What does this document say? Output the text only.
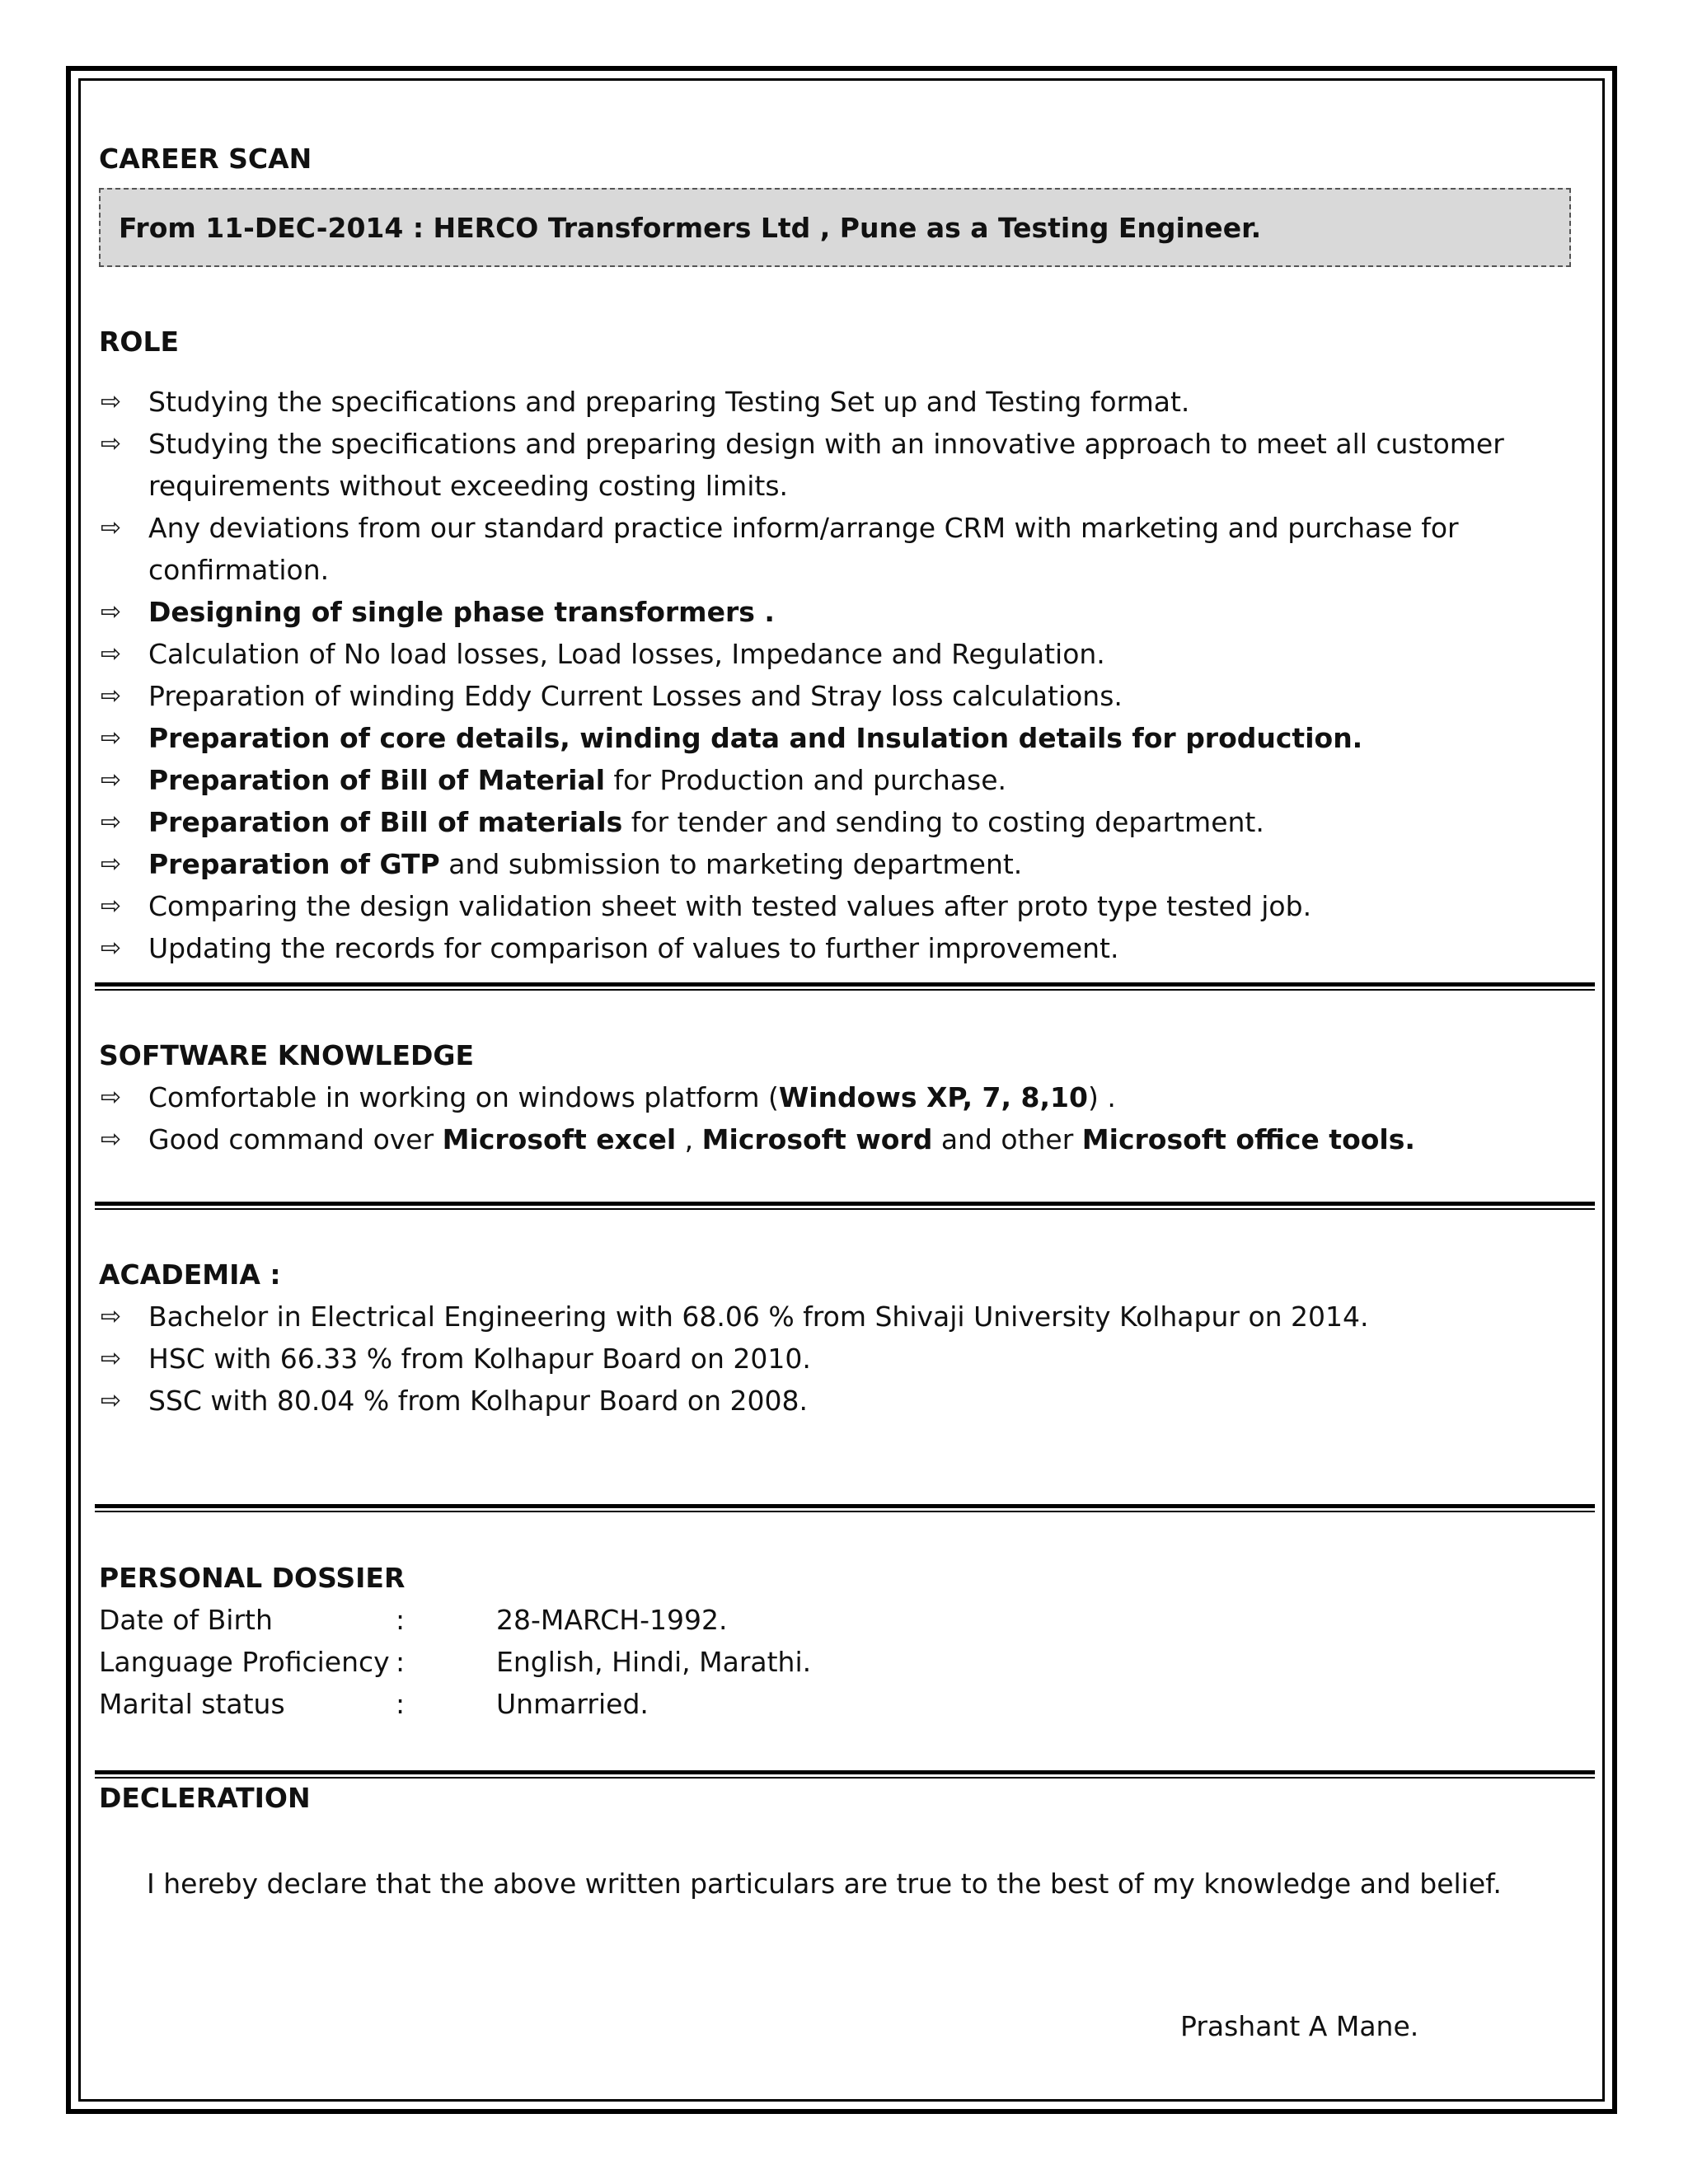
CAREER SCAN
From 11-DEC-2014 : HERCO Transformers Ltd , Pune as a Testing Engineer.
ROLE
⇨ Studying the specifications and preparing Testing Set up and Testing format.
⇨ Studying the specifications and preparing design with an innovative approach to meet all customer requirements without exceeding costing limits.
⇨ Any deviations from our standard practice inform/arrange CRM with marketing and purchase for confirmation.
⇨ Designing of single phase transformers .
⇨ Calculation of No load losses, Load losses, Impedance and Regulation.
⇨ Preparation of winding Eddy Current Losses and Stray loss calculations.
⇨ Preparation of core details, winding data and Insulation details for production.
⇨ Preparation of Bill of Material for Production and purchase.
⇨ Preparation of Bill of materials for tender and sending to costing department.
⇨ Preparation of GTP and submission to marketing department.
⇨ Comparing the design validation sheet with tested values after proto type tested job.
⇨ Updating the records for comparison of values to further improvement.
SOFTWARE KNOWLEDGE
⇨ Comfortable in working on windows platform (Windows XP, 7, 8,10) .
⇨ Good command over Microsoft excel , Microsoft word and other Microsoft office tools.
ACADEMIA :
⇨ Bachelor in Electrical Engineering with 68.06 % from Shivaji University Kolhapur on 2014.
⇨ HSC with 66.33 % from Kolhapur Board on 2010.
⇨ SSC with 80.04 % from Kolhapur Board on 2008.
PERSONAL DOSSIER
Date of Birth	:	28-MARCH-1992.
Language Proficiency :	English, Hindi, Marathi.
Marital status	:	Unmarried.
DECLERATION
I hereby declare that the above written particulars are true to the best of my knowledge and belief.
Prashant A Mane.
